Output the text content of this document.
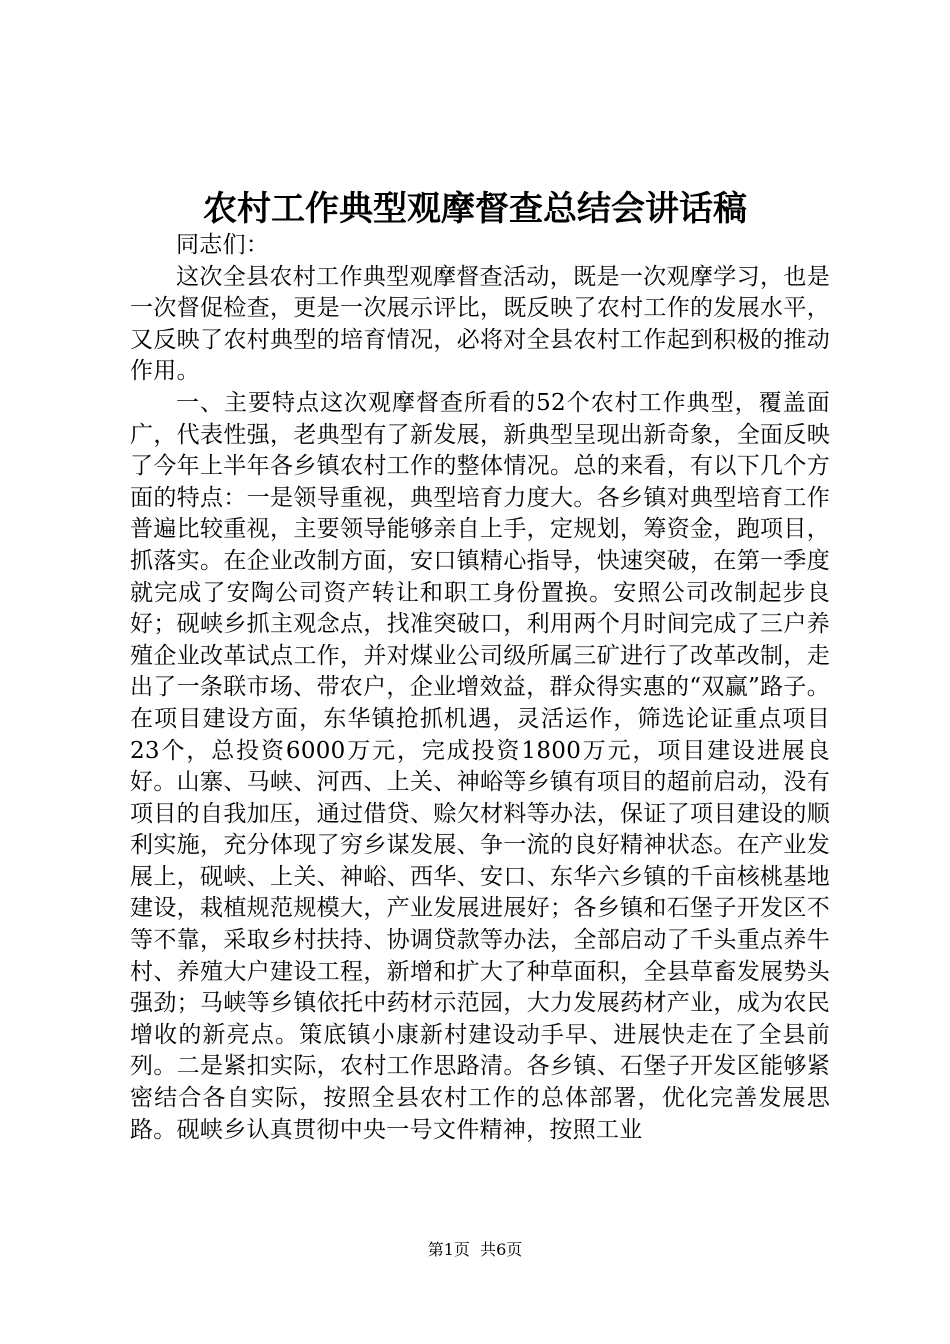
农村工作典型观摩督查总结会讲话稿

同志们：

这次全县农村工作典型观摩督查活动，既是一次观摩学习，也是一次督促检查，更是一次展示评比，既反映了农村工作的发展水平，又反映了农村典型的培育情况，必将对全县农村工作起到积极的推动作用。

一、主要特点这次观摩督查所看的52个农村工作典型，覆盖面广，代表性强，老典型有了新发展，新典型呈现出新奇象，全面反映了今年上半年各乡镇农村工作的整体情况。总的来看，有以下几个方面的特点：一是领导重视，典型培育力度大。各乡镇对典型培育工作普遍比较重视，主要领导能够亲自上手，定规划，筹资金，跑项目，抓落实。在企业改制方面，安口镇精心指导，快速突破，在第一季度就完成了安陶公司资产转让和职工身份置换。安照公司改制起步良好；砚峡乡抓主观念点，找准突破口，利用两个月时间完成了三户养殖企业改革试点工作，并对煤业公司级所属三矿进行了改革改制，走出了一条联市场、带农户，企业增效益，群众得实惠的“双赢”路子。在项目建设方面，东华镇抢抓机遇，灵活运作，筛选论证重点项目23个，总投资6000万元，完成投资1800万元，项目建设进展良好。山寨、马峡、河西、上关、神峪等乡镇有项目的超前启动，没有项目的自我加压，通过借贷、赊欠材料等办法，保证了项目建设的顺利实施，充分体现了穷乡谋发展、争一流的良好精神状态。在产业发展上，砚峡、上关、神峪、西华、安口、东华六乡镇的千亩核桃基地建设，栽植规范规模大，产业发展进展好；各乡镇和石堡子开发区不等不靠，采取乡村扶持、协调贷款等办法，全部启动了千头重点养牛村、养殖大户建设工程，新增和扩大了种草面积，全县草畜发展势头强劲；马峡等乡镇依托中药材示范园，大力发展药材产业，成为农民增收的新亮点。策底镇小康新村建设动手早、进展快走在了全县前列。二是紧扣实际，农村工作思路清。各乡镇、石堡子开发区能够紧密结合各自实际，按照全县农村工作的总体部署，优化完善发展思路。砚峡乡认真贯彻中央一号文件精神，按照工业

第1页 共6页
